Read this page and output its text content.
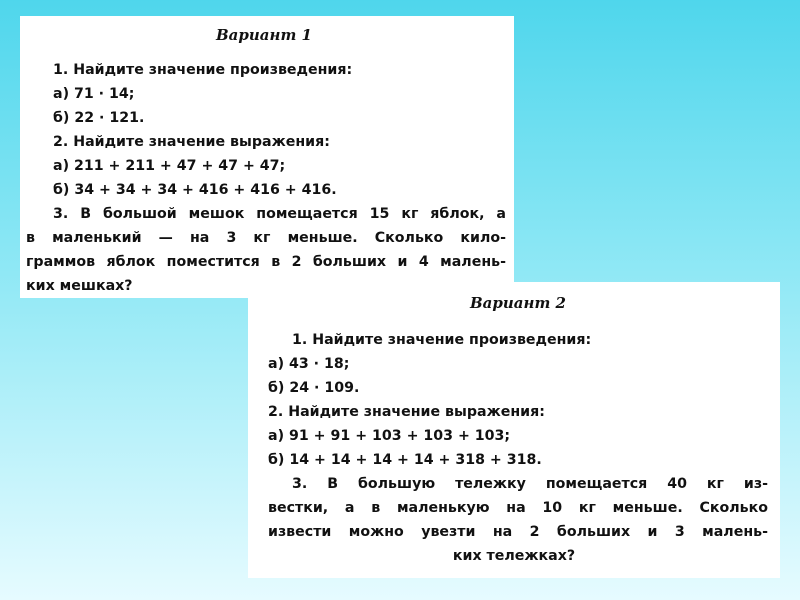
Вариант 1
1. Найдите значение произведения:
а) 71 · 14;
б) 22 · 121.
2. Найдите значение выражения:
а) 211 + 211 + 47 + 47 + 47;
б) 34 + 34 + 34 + 416 + 416 + 416.
3. В большой мешок помещается 15 кг яблок, а
в маленький — на 3 кг меньше. Сколько кило-
граммов яблок поместится в 2 больших и 4 малень-
ких мешках?
Вариант 2
1. Найдите значение произведения:
а) 43 · 18;
б) 24 · 109.
2. Найдите значение выражения:
а) 91 + 91 + 103 + 103 + 103;
б) 14 + 14 + 14 + 14 + 318 + 318.
3. В большую тележку помещается 40 кг из-
вестки, а в маленькую на 10 кг меньше. Сколько
извести можно увезти на 2 больших и 3 малень-
ких тележках?
